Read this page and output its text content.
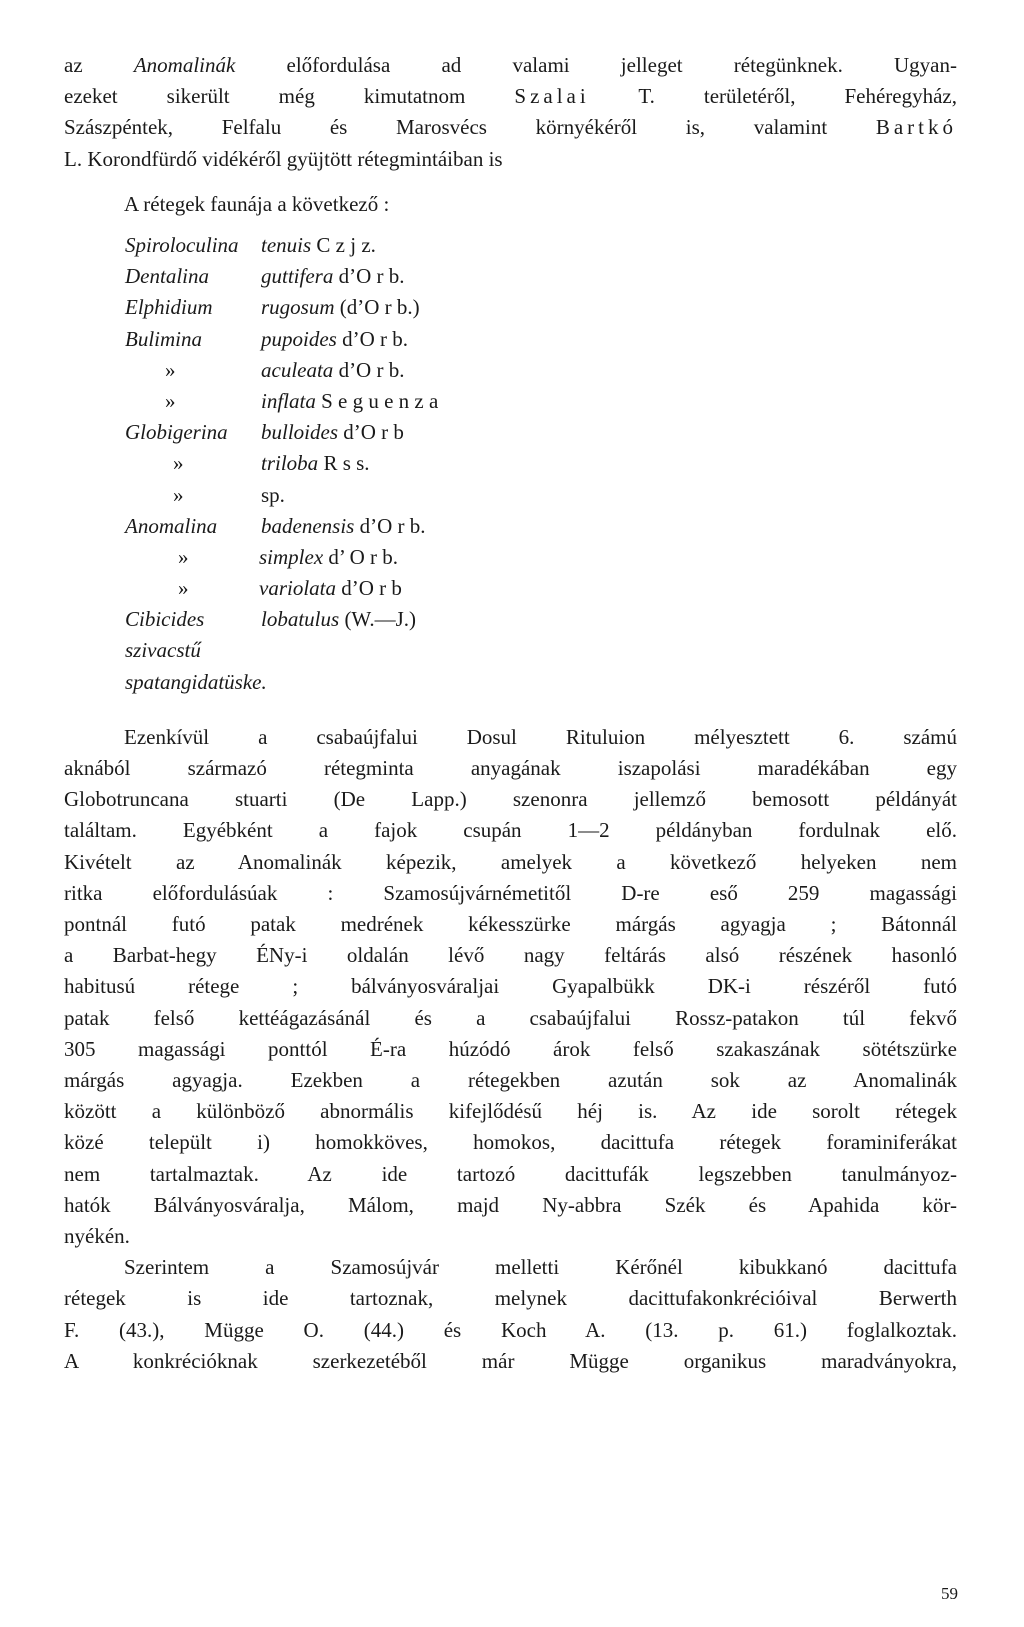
az Anomalinák előfordulása ad valami jelleget rétegünknek. Ugyan-
ezeket sikerült még kimutatnom Szalai T. területéről, Fehéregyház,
Szászpéntek, Felfalu és Marosvécs környékéről is, valamint Bartkó
L. Korondfürdő vidékéről gyüjtött rétegmintáiban is

A rétegek faunája a következő :

Spiroloculina tenuis C z j z.
Dentalina guttifera d’O r b.
Elphidium rugosum (d’O r b.)
Bulimina	pupoides d’O r b.
»	aculeata d’O r b.
»	inflata S e g u e n z a
Globigerina bulloides d’O r b
»	triloba R s s.
»	sp.
Anomalina badenensis d’O r b.
»	simplex d’ O r b.
»	variolata d’O r b
Cibicides	lobatulus (W.—J.)
szivacstű
spatangidatüske.

Ezenkívül a csabaújfalui Dosul Rituluion mélyesztett 6. számú
aknából származó rétegminta anyagának iszapolási maradékában egy
Globotruncana stuarti (De Lapp.) szenonra jellemző bemosott példányát
találtam. Egyébként a fajok csupán 1—2 példányban fordulnak elő.
Kivételt az Anomalinák képezik, amelyek a következő helyeken nem
ritka előfordulásúak : Szamosújvárnémetitől D-re eső 259 magassági
pontnál futó patak medrének kékesszürke márgás agyagja ; Bátonnál
a Barbat-hegy ÉNy-i oldalán lévő nagy feltárás alsó részének hasonló
habitusú rétege ; bálványosváraljai Gyapalbükk DK-i részéről futó
patak felső kettéágazásánál és a csabaújfalui Rossz-patakon túl fekvő
305 magassági ponttól É-ra húzódó árok felső szakaszának sötétszürke
márgás agyagja. Ezekben a rétegekben azután sok az Anomalinák
között a különböző abnormális kifejlődésű héj is. Az ide sorolt rétegek
közé települt i) homokköves, homokos, dacittufa rétegek foraminiferákat
nem tartalmaztak. Az ide tartozó dacittufák legszebben tanulmányoz-
hatók Bálványosváralja, Málom, majd Ny-abbra Szék és Apahida kör-
nyékén.

Szerintem a Szamosújvár melletti Kérőnél kibukkanó dacittufa
rétegek is ide tartoznak, melynek dacittufakonkrécióival Berwerth
F. (43.), Mügge O. (44.) és Koch A. (13. p. 61.) foglalkoztak.
A konkrécióknak szerkezetéből már Mügge organikus maradványokra,

59
